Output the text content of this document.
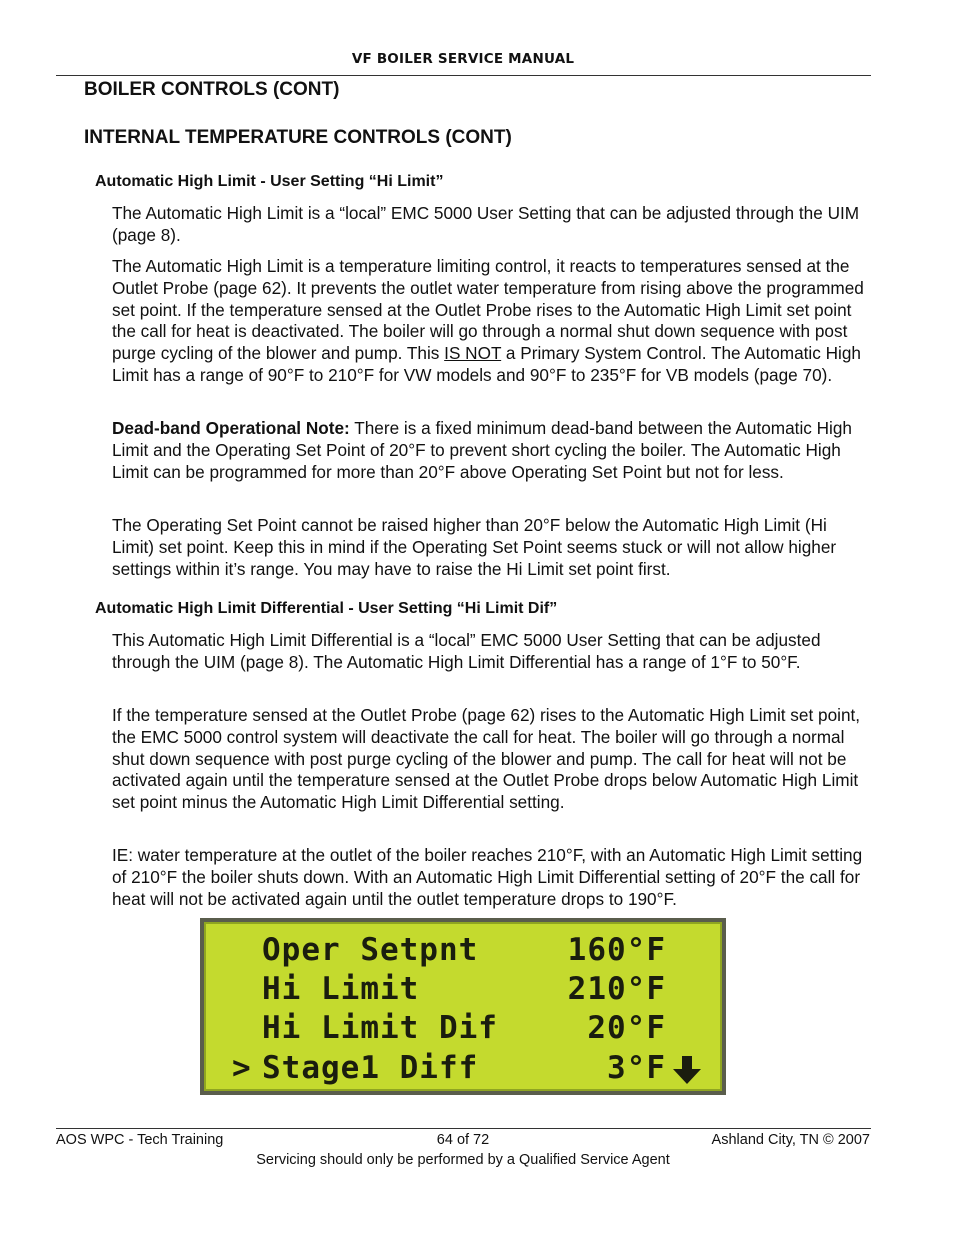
VF BOILER SERVICE MANUAL
BOILER CONTROLS (CONT)
INTERNAL TEMPERATURE CONTROLS (CONT)
Automatic High Limit - User Setting “Hi Limit”
The Automatic High Limit is a “local” EMC 5000 User Setting that can be adjusted through the UIM (page 8).
The Automatic High Limit is a temperature limiting control, it reacts to temperatures sensed at the Outlet Probe (page 62). It prevents the outlet water temperature from rising above the programmed set point. If the temperature sensed at the Outlet Probe rises to the Automatic High Limit set point the call for heat is deactivated. The boiler will go through a normal shut down sequence with post purge cycling of the blower and pump. This IS NOT a Primary System Control. The Automatic High Limit has a range of 90°F to 210°F for VW models and 90°F to 235°F for VB models (page 70).
Dead-band Operational Note: There is a fixed minimum dead-band between the Automatic High Limit and the Operating Set Point of 20°F to prevent short cycling the boiler. The Automatic High Limit can be programmed for more than 20°F above Operating Set Point but not for less.
The Operating Set Point cannot be raised higher than 20°F below the Automatic High Limit (Hi Limit) set point. Keep this in mind if the Operating Set Point seems stuck or will not allow higher settings within it’s range. You may have to raise the Hi Limit set point first.
Automatic High Limit Differential - User Setting “Hi Limit Dif”
This Automatic High Limit Differential is a “local” EMC 5000 User Setting that can be adjusted through the UIM (page 8). The Automatic High Limit Differential has a range of 1°F to 50°F.
If the temperature sensed at the Outlet Probe (page 62) rises to the Automatic High Limit set point, the EMC 5000 control system will deactivate the call for heat. The boiler will go through a normal shut down sequence with post purge cycling of the blower and pump. The call for heat will not be activated again until the temperature sensed at the Outlet Probe drops below Automatic High Limit set point minus the Automatic High Limit Differential setting.
IE: water temperature at the outlet of the boiler reaches 210°F, with an Automatic High Limit setting of 210°F the boiler shuts down. With an Automatic High Limit Differential setting of 20°F the call for heat will not be activated again until the outlet temperature drops to 190°F.
Oper Setpnt	160°F
Hi Limit	210°F
Hi Limit Dif	20°F
> Stage1 Diff	3°F
AOS WPC - Tech Training	64 of 72	Ashland City, TN © 2007
Servicing should only be performed by a Qualified Service Agent
